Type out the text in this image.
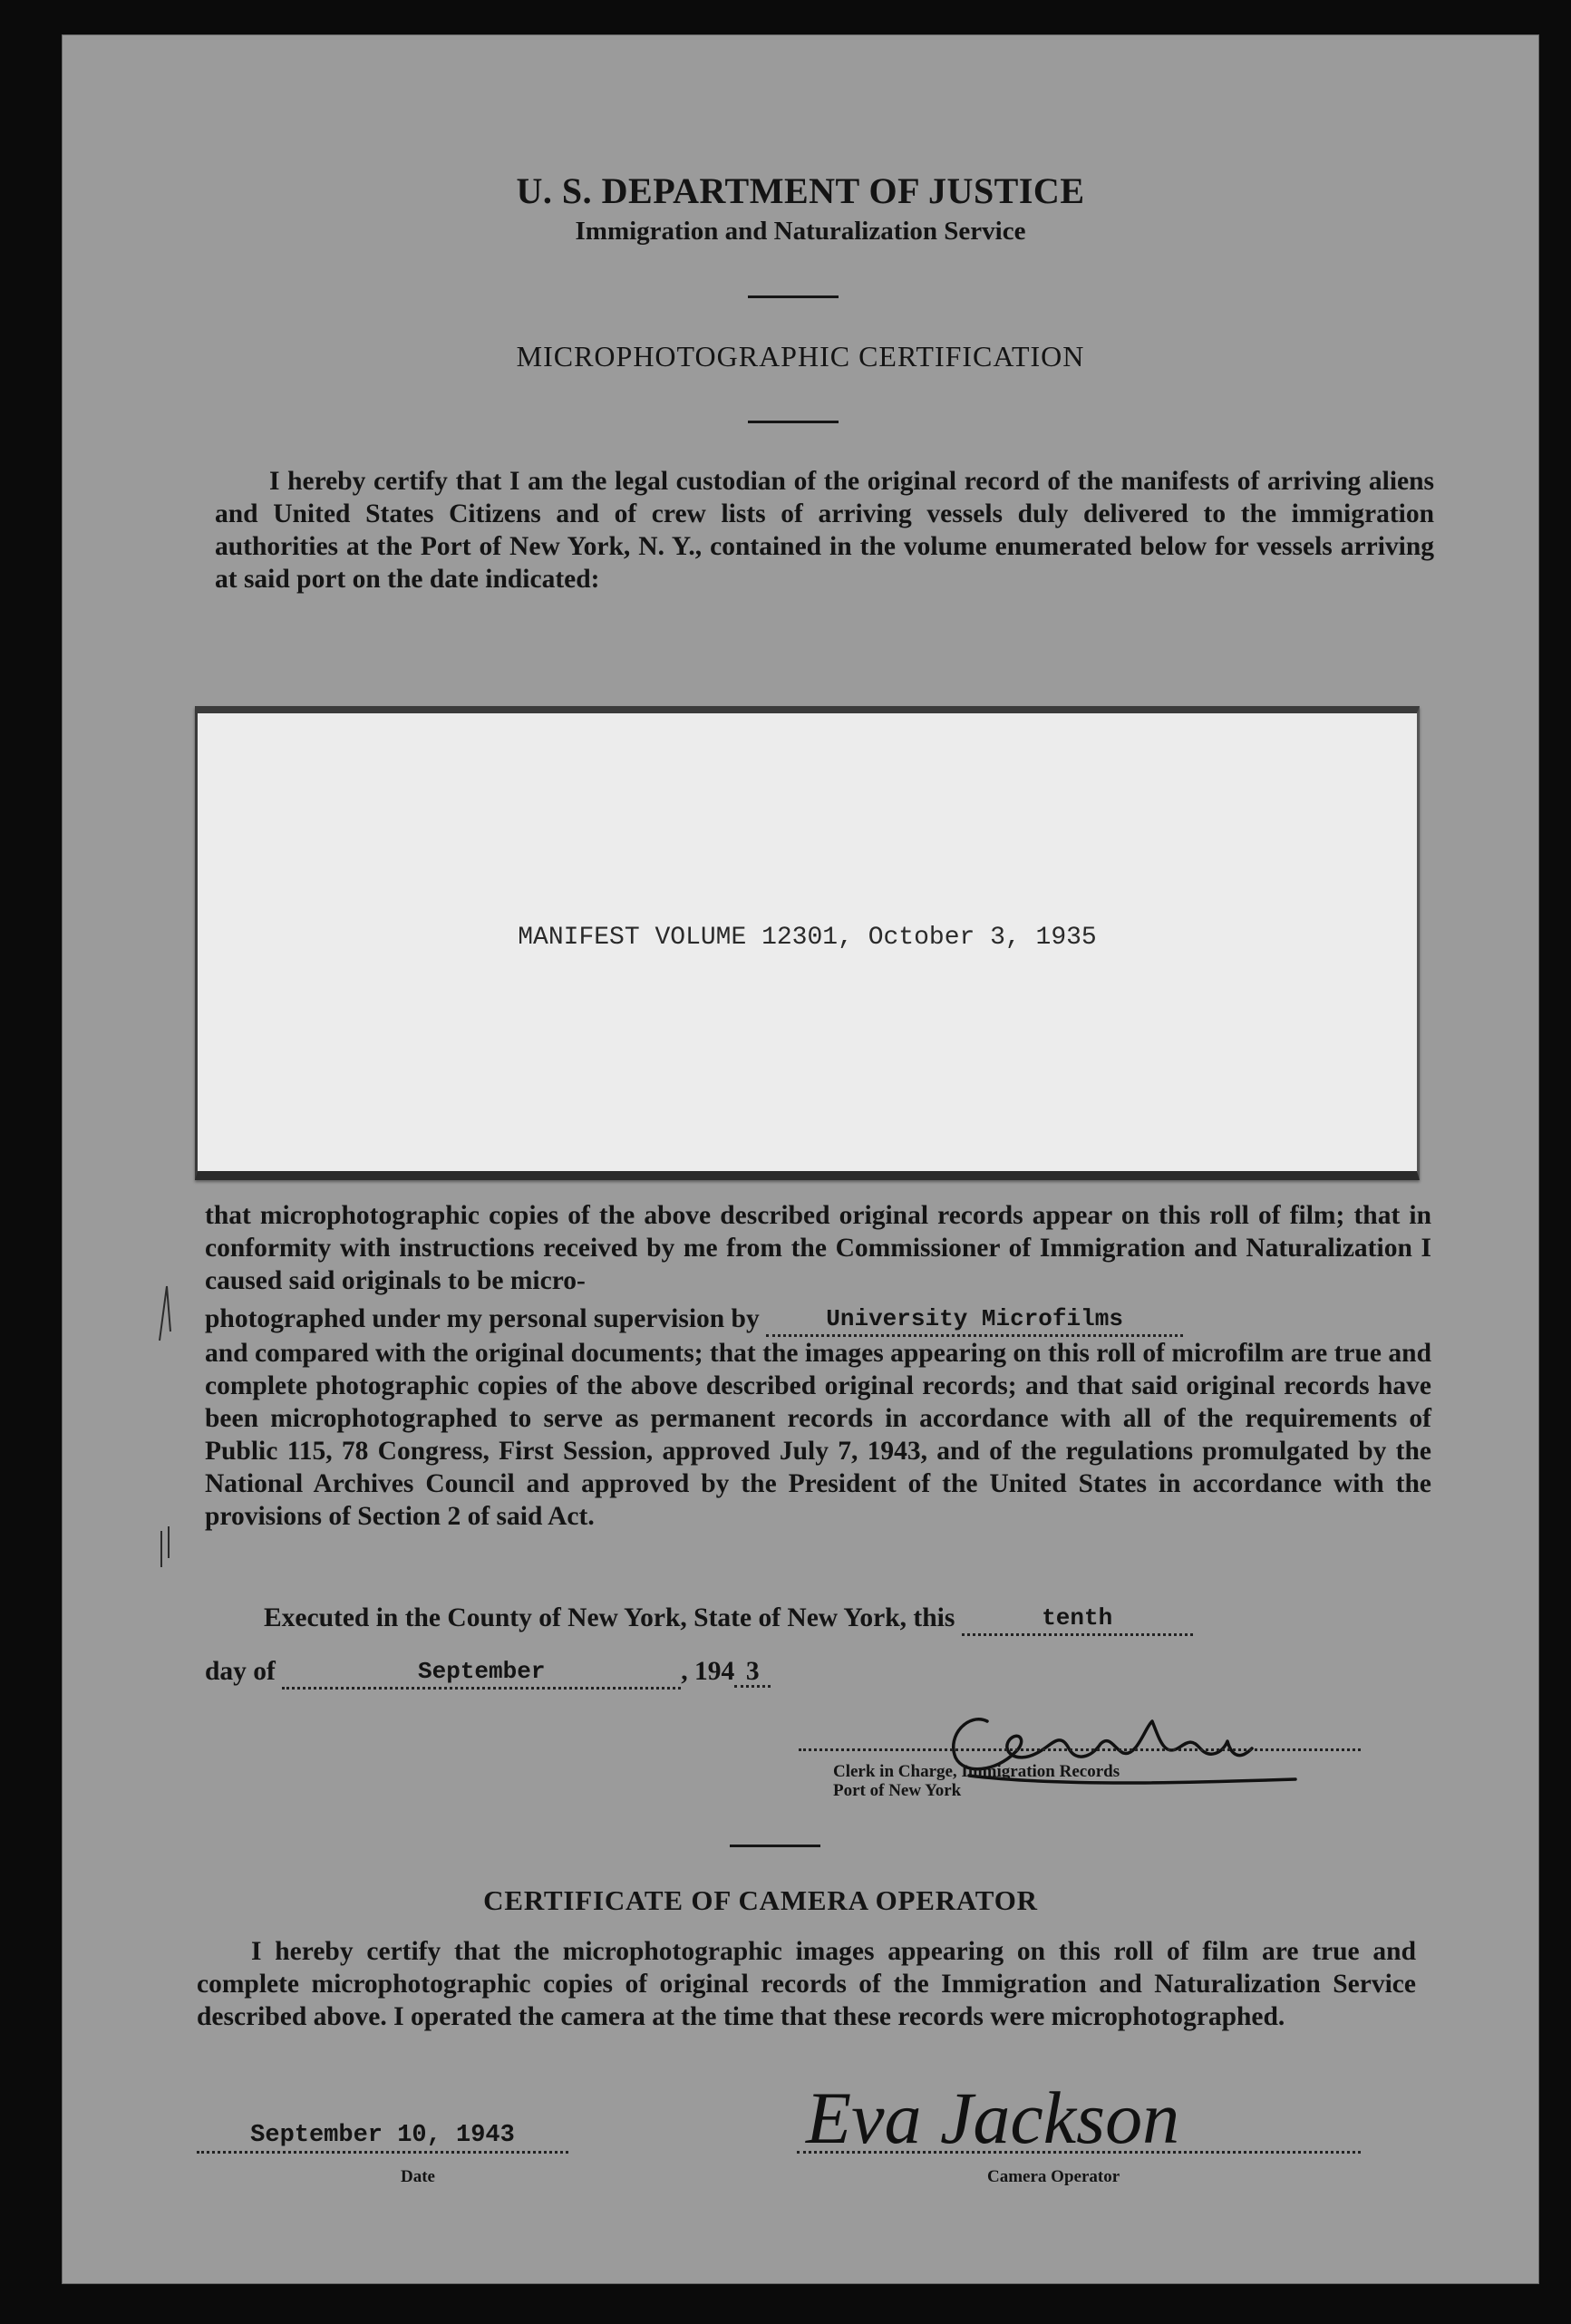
U. S. DEPARTMENT OF JUSTICE
Immigration and Naturalization Service
MICROPHOTOGRAPHIC CERTIFICATION

I hereby certify that I am the legal custodian of the original record of the manifests of arriving aliens and United States Citizens and of crew lists of arriving vessels duly delivered to the immigration authorities at the Port of New York, N. Y., contained in the volume enumerated below for vessels arriving at said port on the date indicated:

MANIFEST VOLUME 12301, October 3, 1935

that microphotographic copies of the above described original records appear on this roll of film; that in conformity with instructions received by me from the Commissioner of Immigration and Naturalization I caused said originals to be micro-

photographed under my personal supervision by	University Microfilms

and compared with the original documents; that the images appearing on this roll of microfilm are true and complete photographic copies of the above described original records; and that said original records have been microphotographed to serve as permanent records in accordance with all of the requirements of Public 115, 78 Congress, First Session, approved July 7, 1943, and of the regulations promulgated by the National Archives Council and approved by the President of the United States in accordance with the provisions of Section 2 of said Act.

Executed in the County of New York, State of New York, this	tenth
day of	September	, 194 3
Clerk in Charge, Immigration Records
Port of New York
CERTIFICATE OF CAMERA OPERATOR

I hereby certify that the microphotographic images appearing on this roll of film are true and complete microphotographic copies of original records of the Immigration and Naturalization Service described above. I operated the camera at the time that these records were microphotographed.

September 10, 1943
Date
Eva Jackson
Camera Operator
